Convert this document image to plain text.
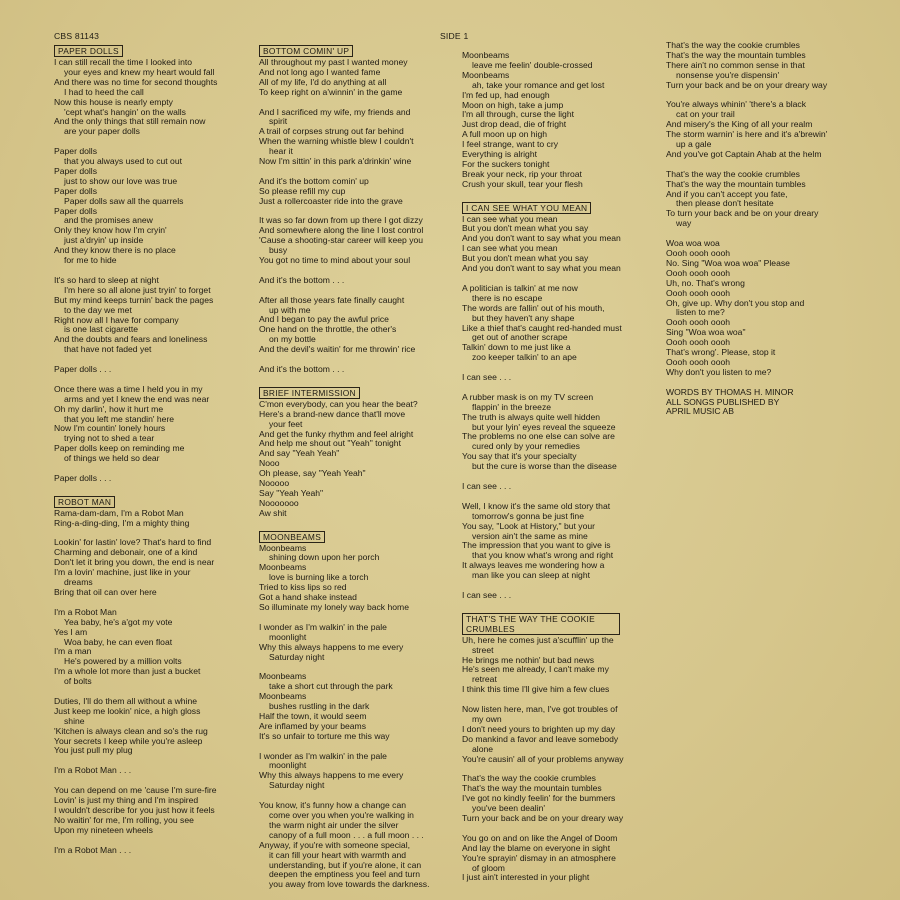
CBS 81143	SIDE 1
PAPER DOLLS
I can still recall the time I looked into
your eyes and knew my heart would fall
And there was no time for second thoughts
I had to heed the call
Now this house is nearly empty
'cept what's hangin' on the walls
And the only things that still remain now
are your paper dolls
Paper dolls
that you always used to cut out
Paper dolls
just to show our love was true
Paper dolls
Paper dolls saw all the quarrels
Paper dolls
and the promises anew
Only they know how I'm cryin'
just a'dryin' up inside
And they know there is no place
for me to hide
It's so hard to sleep at night
I'm here so all alone just tryin' to forget
But my mind keeps turnin' back the pages
to the day we met
Right now all I have for company
is one last cigarette
And the doubts and fears and loneliness
that have not faded yet
Paper dolls . . .
Once there was a time I held you in my
arms and yet I knew the end was near
Oh my darlin', how it hurt me
that you left me standin' here
Now I'm countin' lonely hours
trying not to shed a tear
Paper dolls keep on reminding me
of things we held so dear
Paper dolls . . .
ROBOT MAN
Rama-dam-dam, I'm a Robot Man
Ring-a-ding-ding, I'm a mighty thing
Lookin' for lastin' love? That's hard to find
Charming and debonair, one of a kind
Don't let it bring you down, the end is near
I'm a lovin' machine, just like in your
dreams
Bring that oil can over here
I'm a Robot Man
Yea baby, he's a'got my vote
Yes I am
Woa baby, he can even float
I'm a man
He's powered by a million volts
I'm a whole lot more than just a bucket
of bolts
Duties, I'll do them all without a whine
Just keep me lookin' nice, a high gloss
shine
'Kitchen is always clean and so's the rug
Your secrets I keep while you're asleep
You just pull my plug
I'm a Robot Man . . .
You can depend on me 'cause I'm sure-fire
Lovin' is just my thing and I'm inspired
I wouldn't describe for you just how it feels
No waitin' for me, I'm rolling, you see
Upon my nineteen wheels
I'm a Robot Man . . .
BOTTOM COMIN' UP
All throughout my past I wanted money
And not long ago I wanted fame
All of my life, I'd do anything at all
To keep right on a'winnin' in the game
And I sacrificed my wife, my friends and
spirit
A trail of corpses strung out far behind
When the warning whistle blew I couldn't
hear it
Now I'm sittin' in this park a'drinkin' wine
And it's the bottom comin' up
So please refill my cup
Just a rollercoaster ride into the grave
It was so far down from up there I got dizzy
And somewhere along the line I lost control
'Cause a shooting-star career will keep you
busy
You got no time to mind about your soul
And it's the bottom . . .
After all those years fate finally caught
up with me
And I began to pay the awful price
One hand on the throttle, the other's
on my bottle
And the devil's waitin' for me throwin' rice
And it's the bottom . . .
BRIEF INTERMISSION
C'mon everybody, can you hear the beat?
Here's a brand-new dance that'll move
your feet
And get the funky rhythm and feel alright
And help me shout out "Yeah" tonight
And say "Yeah Yeah"
Nooo
Oh please, say "Yeah Yeah"
Nooooo
Say "Yeah Yeah"
Nooooooo
Aw shit
MOONBEAMS
Moonbeams
shining down upon her porch
Moonbeams
love is burning like a torch
Tried to kiss lips so red
Got a hand shake instead
So illuminate my lonely way back home
I wonder as I'm walkin' in the pale
moonlight
Why this always happens to me every
Saturday night
Moonbeams
take a short cut through the park
Moonbeams
bushes rustling in the dark
Half the town, it would seem
Are inflamed by your beams
It's so unfair to torture me this way
I wonder as I'm walkin' in the pale
moonlight
Why this always happens to me every
Saturday night
You know, it's funny how a change can
come over you when you're walking in
the warm night air under the silver
canopy of a full moon . . . a full moon . . .
Anyway, if you're with someone special,
it can fill your heart with warmth and
understanding, but if you're alone, it can
deepen the emptiness you feel and turn
you away from love towards the darkness.
Moonbeams
leave me feelin' double-crossed
Moonbeams
ah, take your romance and get lost
I'm fed up, had enough
Moon on high, take a jump
I'm all through, curse the light
Just drop dead, die of fright
A full moon up on high
I feel strange, want to cry
Everything is alright
For the suckers tonight
Break your neck, rip your throat
Crush your skull, tear your flesh
I CAN SEE WHAT YOU MEAN
I can see what you mean
But you don't mean what you say
And you don't want to say what you mean
I can see what you mean
But you don't mean what you say
And you don't want to say what you mean
A politician is talkin' at me now
there is no escape
The words are fallin' out of his mouth,
but they haven't any shape
Like a thief that's caught red-handed must
get out of another scrape
Talkin' down to me just like a
zoo keeper talkin' to an ape
I can see . . .
A rubber mask is on my TV screen
flappin' in the breeze
The truth is always quite well hidden
but your lyin' eyes reveal the squeeze
The problems no one else can solve are
cured only by your remedies
You say that it's your specialty
but the cure is worse than the disease
I can see . . .
Well, I know it's the same old story that
tomorrow's gonna be just fine
You say, "Look at History," but your
version ain't the same as mine
The impression that you want to give is
that you know what's wrong and right
It always leaves me wondering how a
man like you can sleep at night
I can see . . .
THAT'S THE WAY THE COOKIE CRUMBLES
Uh, here he comes just a'scufflin' up the
street
He brings me nothin' but bad news
He's seen me already, I can't make my
retreat
I think this time I'll give him a few clues
Now listen here, man, I've got troubles of
my own
I don't need yours to brighten up my day
Do mankind a favor and leave somebody
alone
You're causin' all of your problems anyway
That's the way the cookie crumbles
That's the way the mountain tumbles
I've got no kindly feelin' for the bummers
you've been dealin'
Turn your back and be on your dreary way
You go on and on like the Angel of Doom
And lay the blame on everyone in sight
You're sprayin' dismay in an atmosphere
of gloom
I just ain't interested in your plight
That's the way the cookie crumbles
That's the way the mountain tumbles
There ain't no common sense in that
nonsense you're dispensin'
Turn your back and be on your dreary way
You're always whinin' 'there's a black
cat on your trail
And misery's the King of all your realm
The storm warnin' is here and it's a'brewin'
up a gale
And you've got Captain Ahab at the helm
That's the way the cookie crumbles
That's the way the mountain tumbles
And if you can't accept you fate,
then please don't hesitate
To turn your back and be on your dreary
way
Woa woa woa
Oooh oooh oooh
No. Sing "Woa woa woa" Please
Oooh oooh oooh
Uh, no. That's wrong
Oooh oooh oooh
Oh, give up. Why don't you stop and
listen to me?
Oooh oooh oooh
Sing "Woa woa woa"
Oooh oooh oooh
That's wrong'. Please, stop it
Oooh oooh oooh
Why don't you listen to me?
WORDS BY THOMAS H. MINOR
ALL SONGS PUBLISHED BY
APRIL MUSIC AB
